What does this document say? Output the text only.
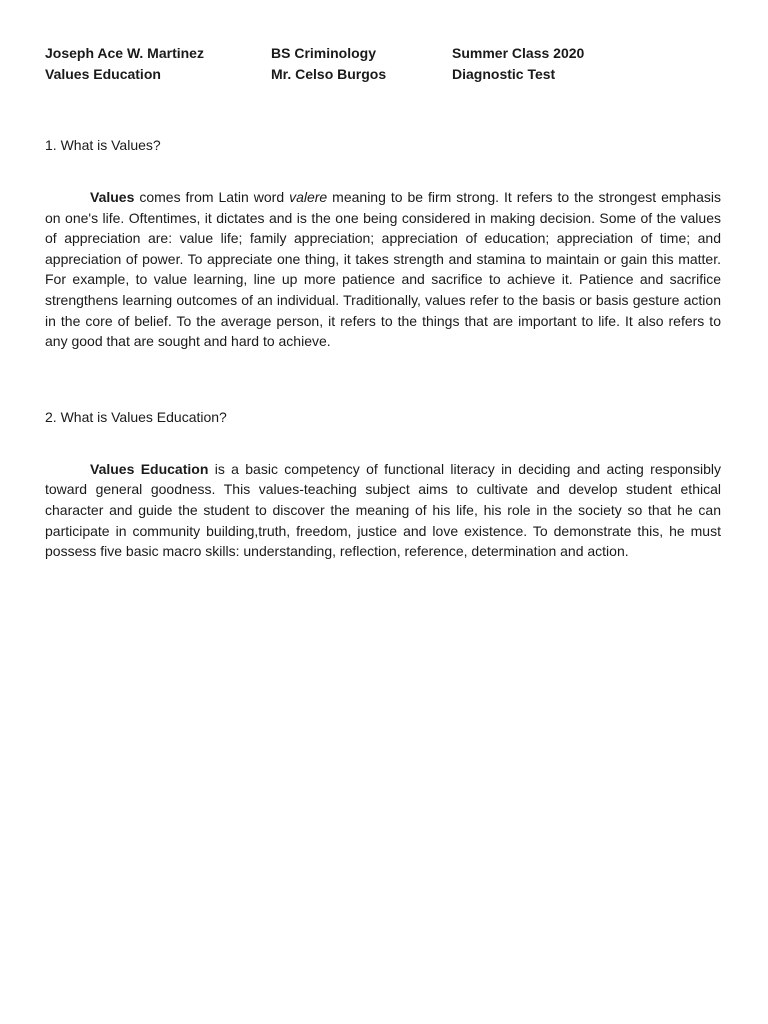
Joseph Ace W. Martinez	BS Criminology	Summer Class 2020
Values Education	Mr. Celso Burgos	Diagnostic Test

1. What is Values?

Values comes from Latin word valere meaning to be firm strong. It refers to the strongest emphasis on one's life. Oftentimes, it dictates and is the one being considered in making decision. Some of the values of appreciation are: value life; family appreciation; appreciation of education; appreciation of time; and appreciation of power. To appreciate one thing, it takes strength and stamina to maintain or gain this matter. For example, to value learning, line up more patience and sacrifice to achieve it. Patience and sacrifice strengthens learning outcomes of an individual. Traditionally, values refer to the basis or basis gesture action in the core of belief. To the average person, it refers to the things that are important to life. It also refers to any good that are sought and hard to achieve.

2. What is Values Education?

Values Education is a basic competency of functional literacy in deciding and acting responsibly toward general goodness. This values-teaching subject aims to cultivate and develop student ethical character and guide the student to discover the meaning of his life, his role in the society so that he can participate in community building,truth, freedom, justice and love existence. To demonstrate this, he must possess five basic macro skills: understanding, reflection, reference, determination and action.
